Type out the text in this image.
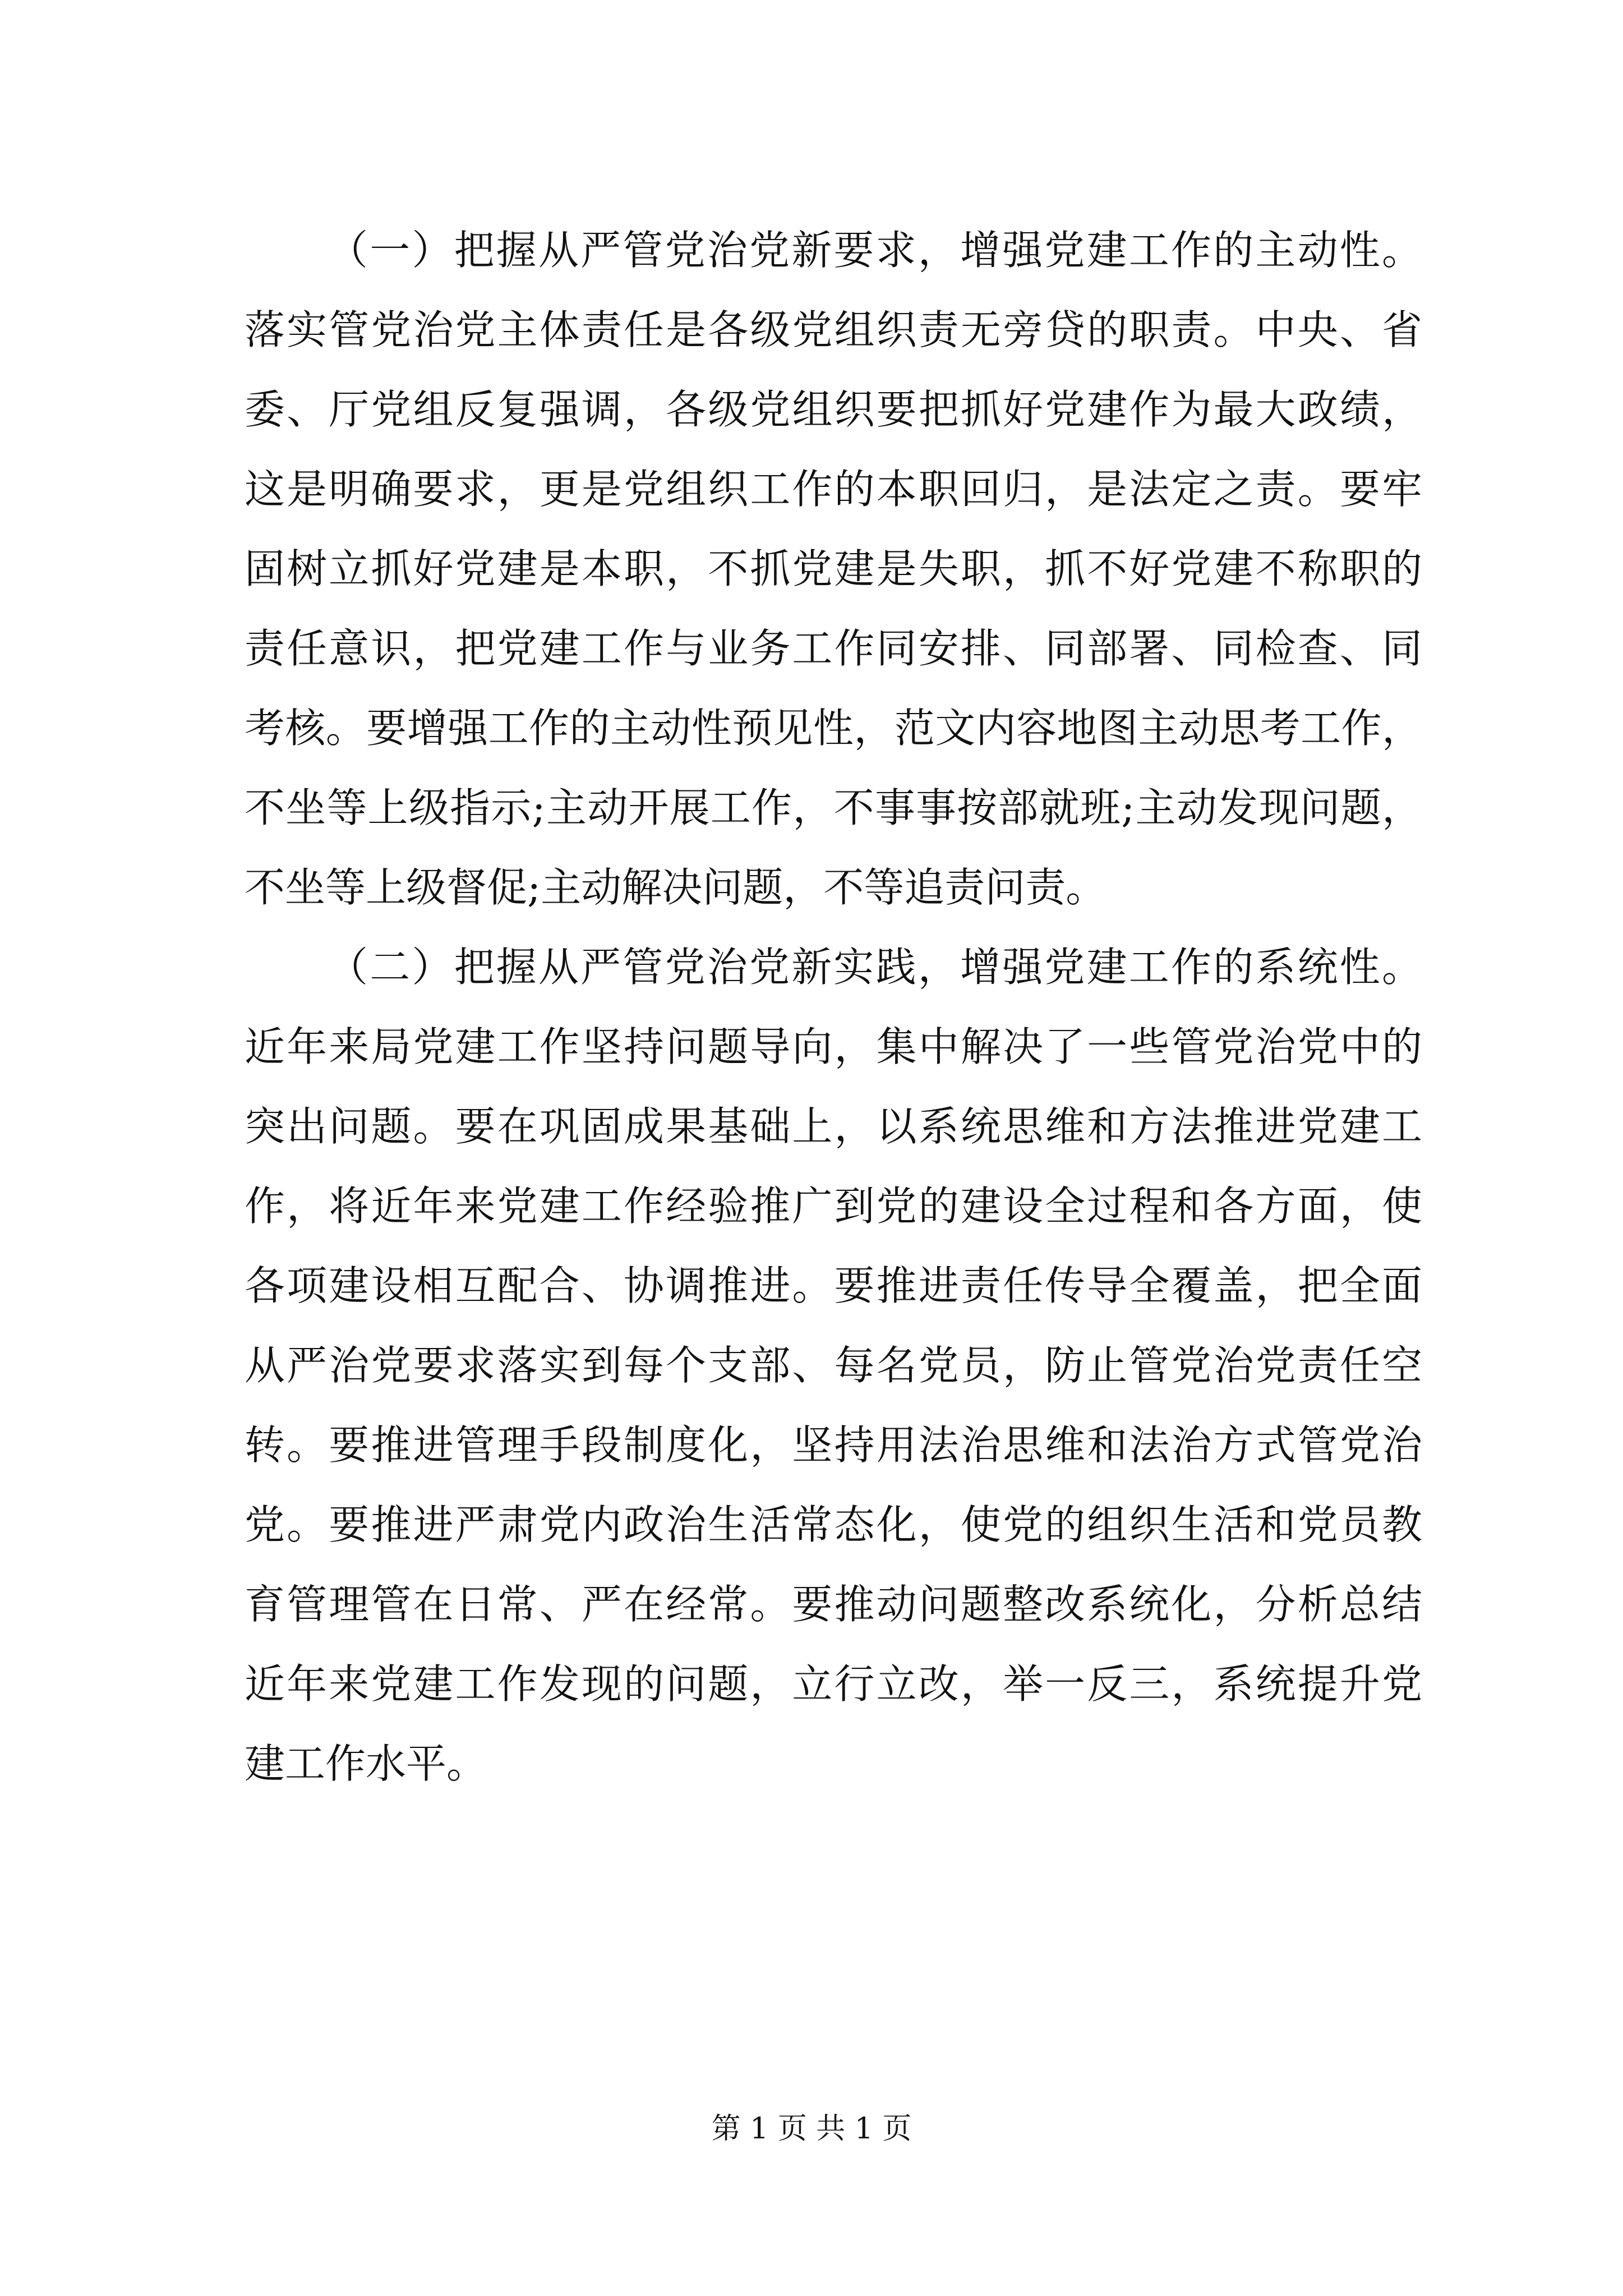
（一）把握从严管党治党新要求，增强党建工作的主动性。
落实管党治党主体责任是各级党组织责无旁贷的职责。中央、省
委、厅党组反复强调，各级党组织要把抓好党建作为最大政绩，
这是明确要求，更是党组织工作的本职回归，是法定之责。要牢
固树立抓好党建是本职，不抓党建是失职，抓不好党建不称职的
责任意识，把党建工作与业务工作同安排、同部署、同检查、同
考核。要增强工作的主动性预见性，范文内容地图主动思考工作，
不坐等上级指示;主动开展工作，不事事按部就班;主动发现问题，
不坐等上级督促;主动解决问题，不等追责问责。
（二）把握从严管党治党新实践，增强党建工作的系统性。
近年来局党建工作坚持问题导向，集中解决了一些管党治党中的
突出问题。要在巩固成果基础上，以系统思维和方法推进党建工
作，将近年来党建工作经验推广到党的建设全过程和各方面，使
各项建设相互配合、协调推进。要推进责任传导全覆盖，把全面
从严治党要求落实到每个支部、每名党员，防止管党治党责任空
转。要推进管理手段制度化，坚持用法治思维和法治方式管党治
党。要推进严肃党内政治生活常态化，使党的组织生活和党员教
育管理管在日常、严在经常。要推动问题整改系统化，分析总结
近年来党建工作发现的问题，立行立改，举一反三，系统提升党
建工作水平。
第 1 页 共 1 页
